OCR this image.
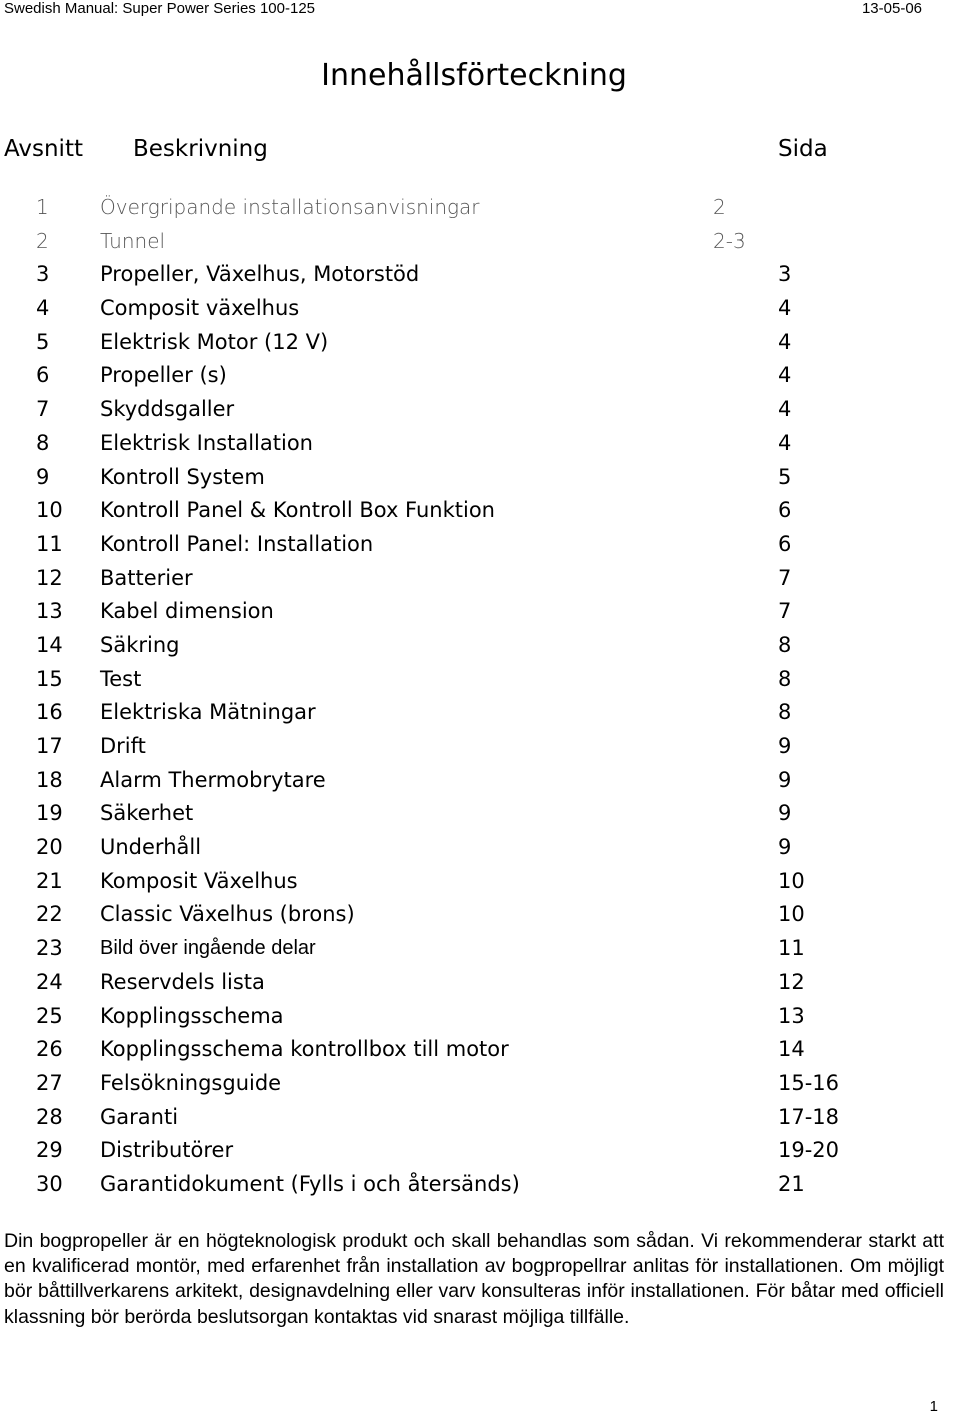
Swedish Manual: Super Power Series 100-125	13-05-06
Innehållsförteckning
Avsnitt Beskrivning	Sida
1	Övergripande installationsanvisningar	2
2	Tunnel	2-3
3 Propeller, Växelhus, Motorstöd	3
4 Composit växelhus	4
5 Elektrisk Motor (12 V)	4
6 Propeller (s)	4
7 Skyddsgaller	4
8 Elektrisk Installation	4
9 Kontroll System	5
10 Kontroll Panel & Kontroll Box Funktion	6
11 Kontroll Panel: Installation	6
12 Batterier	7
13 Kabel dimension	7
14 Säkring	8
15 Test	8
16 Elektriska Mätningar	8
17 Drift	9
18 Alarm Thermobrytare	9
19 Säkerhet	9
20 Underhåll	9
21 Komposit Växelhus	10
22 Classic Växelhus (brons)	10
23 Bild över ingående delar	11
24 Reservdels lista	12
25 Kopplingsschema	13
26 Kopplingsschema kontrollbox till motor	14
27 Felsökningsguide	15-16
28 Garanti	17-18
29 Distributörer	19-20
30 Garantidokument (Fylls i och återsänds)	21
Din bogpropeller är en högteknologisk produkt och skall behandlas som sådan. Vi rekommenderar starkt att en kvalificerad montör, med erfarenhet från installation av bogpropellrar anlitas för installationen. Om möjligt bör båttillverkarens arkitekt, designavdelning eller varv konsulteras inför installationen. För båtar med officiell klassning bör berörda beslutsorgan kontaktas vid snarast möjliga tillfälle.
1
